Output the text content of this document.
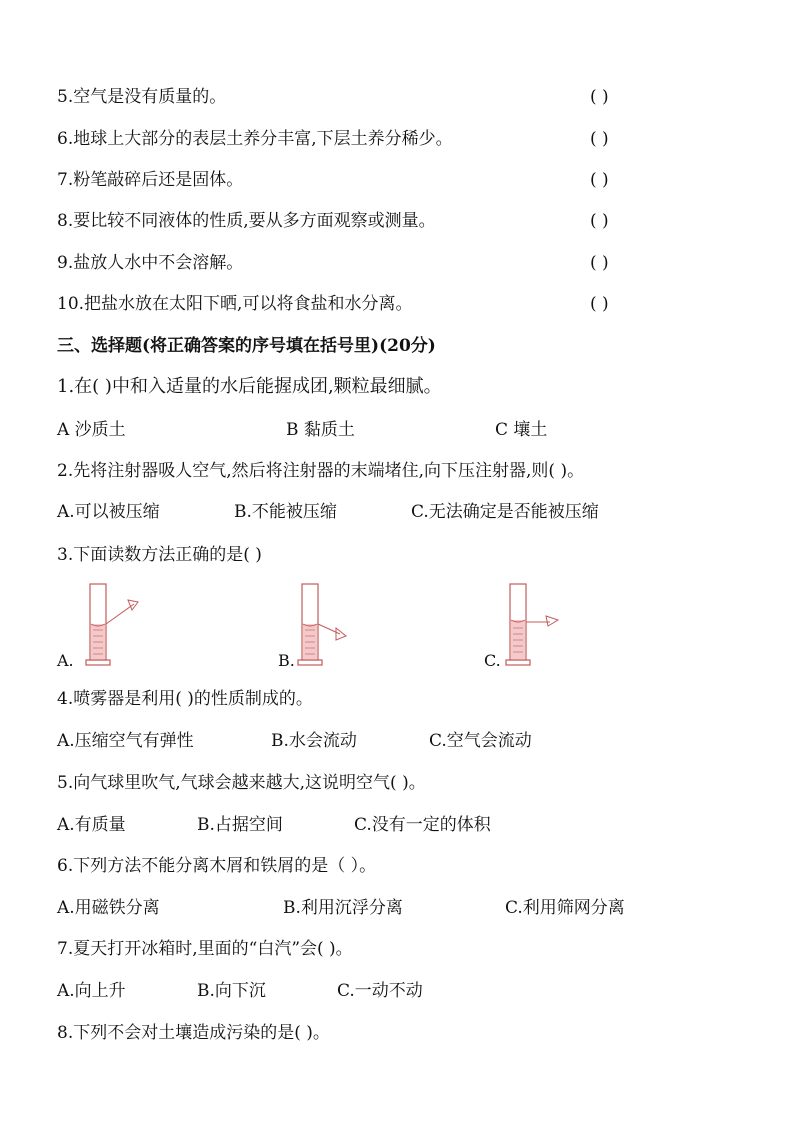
5.空气是没有质量的。	( )
6.地球上大部分的表层土养分丰富,下层土养分稀少。	( )
7.粉笔敲碎后还是固体。	( )
8.要比较不同液体的性质,要从多方面观察或测量。	( )
9.盐放人水中不会溶解。	( )
10.把盐水放在太阳下晒,可以将食盐和水分离。	( )
三、选择题(将正确答案的序号填在括号里)(20分)
1.在( )中和入适量的水后能握成团,颗粒最细腻。
A 沙质土	B 黏质土	C 壤土
2.先将注射器吸人空气,然后将注射器的末端堵住,向下压注射器,则( )。
A.可以被压缩	B.不能被压缩	C.无法确定是否能被压缩
3.下面读数方法正确的是( )
A.	B.	C.
4.喷雾器是利用( )的性质制成的。
A.压缩空气有弹性	B.水会流动	C.空气会流动
5.向气球里吹气,气球会越来越大,这说明空气( )。
A.有质量	B.占据空间	C.没有一定的体积
6.下列方法不能分离木屑和铁屑的是（ ）。
A.用磁铁分离	B.利用沉浮分离	C.利用筛网分离
7.夏天打开冰箱时,里面的“白汽”会( )。
A.向上升	B.向下沉	C.一动不动
8.下列不会对土壤造成污染的是( )。
